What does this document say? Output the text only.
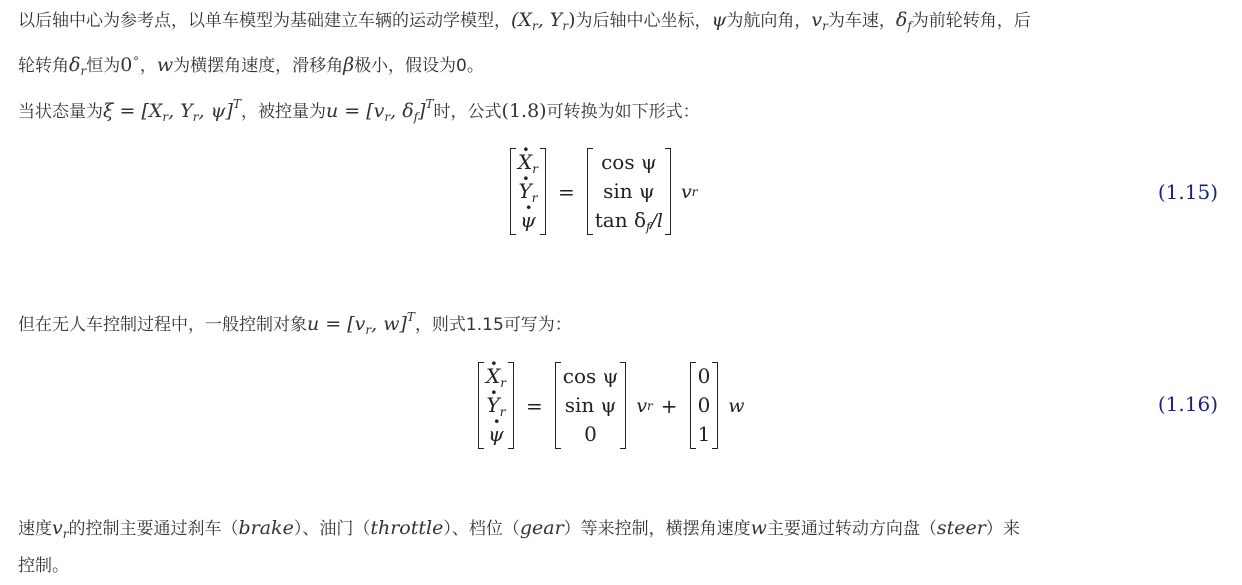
以后轴中心为参考点，以单车模型为基础建立车辆的运动学模型，($X_r$, $Y_r$)为后轴中心坐标，ψ为航向角，$v_r$为车速，$\delta_f$为前轮转角，后
轮转角$\delta_r$恒为0∘，w为横摆角速度，滑移角β极小，假设为0。
当状态量为$\xi = [X_r$, $Y_r$, ψ]$^T$，被控量为$u = [v_r$, $\delta_f]^T$时，公式(1.8)可转换为如下形式：
· $X_r$
· $Y_r$
· ψ
=
cos ψ
sin ψ
$\tan \delta_f/l$
v r	(1.15)
但在无人车控制过程中，一般控制对象$u = [v_r$, w]$^T$，则式1.15可写为：
· $X_r$
· $Y_r$
· ψ
=
cos ψ
sin ψ
0
v r +
0
0
1
w	(1.16)
速度$v_r$的控制主要通过刹车（brake）、油门（throttle）、档位（gear）等来控制，横摆角速度w主要通过转动方向盘（steer）来
控制。
